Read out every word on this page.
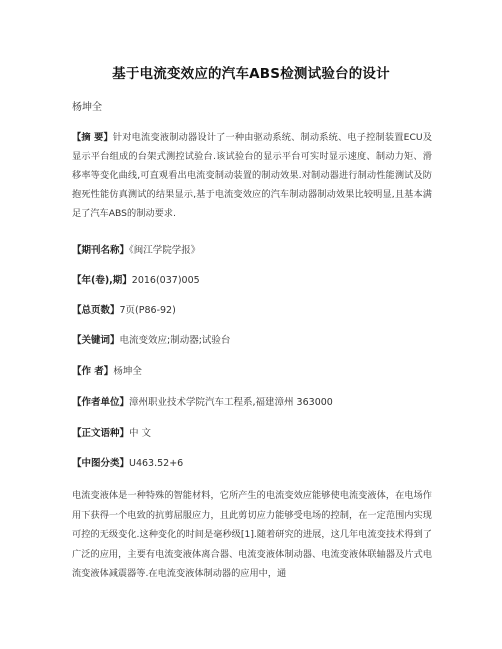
基于电流变效应的汽车ABS检测试验台的设计
杨坤全
【摘 要】针对电流变液制动器设计了一种由驱动系统、制动系统、电子控制装置ECU及显示平台组成的台架式测控试验台.该试验台的显示平台可实时显示速度、制动力矩、滑移率等变化曲线,可直观看出电流变制动装置的制动效果.对制动器进行制动性能测试及防抱死性能仿真测试的结果显示,基于电流变效应的汽车制动器制动效果比较明显,且基本满足了汽车ABS的制动要求.
【期刊名称】《闽江学院学报》
【年(卷),期】2016(037)005
【总页数】7页(P86-92)
【关键词】电流变效应;制动器;试验台
【作 者】杨坤全
【作者单位】漳州职业技术学院汽车工程系,福建漳州 363000
【正文语种】中 文
【中图分类】U463.52+6
电流变液体是一种特殊的智能材料，它所产生的电流变效应能够使电流变液体，在电场作用下获得一个电致的抗剪屈服应力，且此剪切应力能够受电场的控制，在一定范围内实现可控的无级变化.这种变化的时间是毫秒级[1].随着研究的进展，这几年电流变技术得到了广泛的应用，主要有电流变液体离合器、电流变液体制动器、电流变液体联轴器及片式电流变液体减震器等.在电流变液体制动器的应用中，通
